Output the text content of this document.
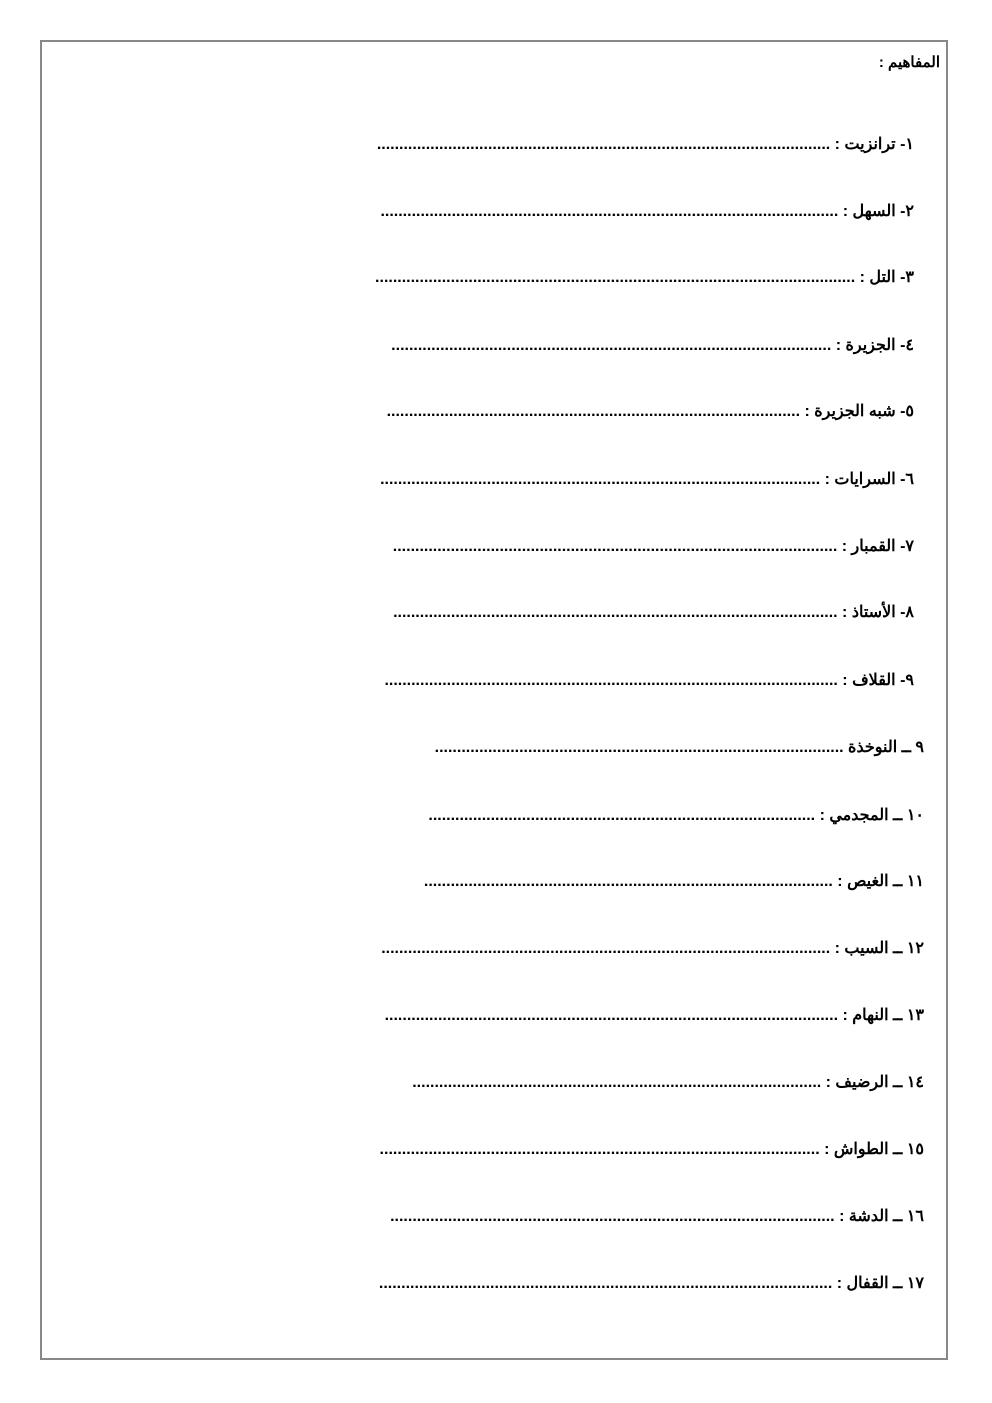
المفاهيم :
١- ترانزيت : ......................................................................................................
٢- السهل : .......................................................................................................
٣- التل : ............................................................................................................
٤- الجزيرة : ...................................................................................................
٥- شبه الجزيرة : .............................................................................................
٦- السرايات : ...................................................................................................
٧- القمبار : ....................................................................................................
٨- الأستاذ : ....................................................................................................
٩- القلاف : ......................................................................................................
٩ ــ النوخذة ............................................................................................
١٠ ــ المجدمي : .......................................................................................
١١ ــ الغيص : ............................................................................................
١٢ ــ السيب : .....................................................................................................
١٣ ــ النهام : ......................................................................................................
١٤ ــ الرضيف : ............................................................................................
١٥ ــ الطواش : ...................................................................................................
١٦ ــ الدشة : ....................................................................................................
١٧ ــ القفال : ......................................................................................................
